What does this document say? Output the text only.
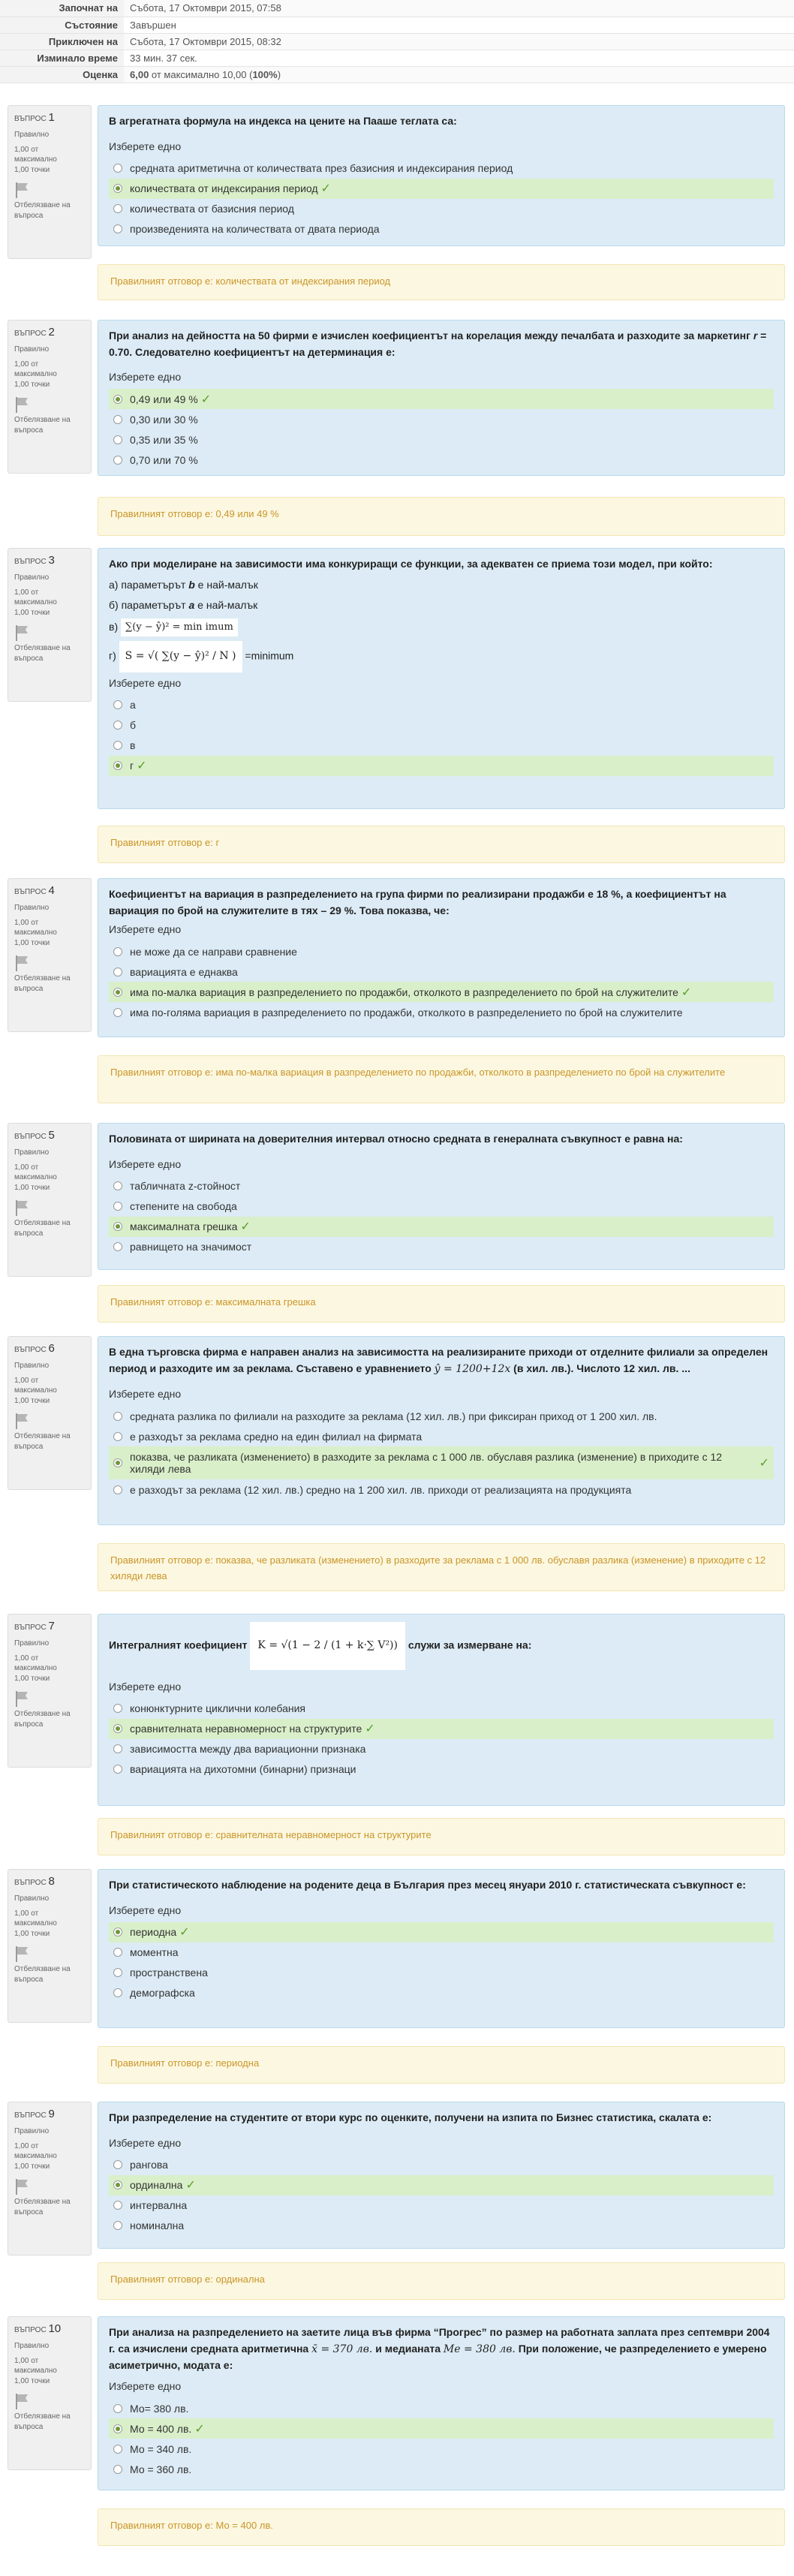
Започнат на	Събота, 17 Октомври 2015, 07:58
Състояние	Завършен
Приключен на	Събота, 17 Октомври 2015, 08:32
Изминало време	33 мин. 37 сек.
Оценка	6,00 от максимално 10,00 (100%)
ВЪПРОС 1
Правилно
1,00 от максимално 1,00 точки
Отбелязване на въпроса
В агрегатната формула на индекса на цените на Пааше теглата са:
Изберете едно
средната аритметична от количествата през базисния и индексирания период
количествата от индексирания период ✓
количествата от базисния период
произведенията на количествата от двата периода
Правилният отговор е: количествата от индексирания период
ВЪПРОС 2
Правилно
1,00 от максимално 1,00 точки
Отбелязване на въпроса
При анализ на дейността на 50 фирми е изчислен коефициентът на корелация между печалбата и разходите за маркетинг r = 0.70. Следователно коефициентът на детерминация е:
Изберете едно
0,49 или 49 % ✓
0,30 или 30 %
0,35 или 35 %
0,70 или 70 %
Правилният отговор е: 0,49 или 49 %
ВЪПРОС 3
Правилно
1,00 от максимално 1,00 точки
Отбелязване на въпроса

Ако при моделиране на зависимости има конкуриращи се функции, за адекватен се приема този модел, при който:

а) параметърът b е най-малък

б) параметърът a е най-малък

в) ∑(y − ŷ)² = min imum

г) S = √( ∑(y − ŷ)² / N ) =minimum

Изберете едно
а
б
в
г ✓
Правилният отговор е: г
ВЪПРОС 4
Правилно
1,00 от максимално 1,00 точки
Отбелязване на въпроса
Коефициентът на вариация в разпределението на група фирми по реализирани продажби е 18 %, а коефициентът на вариация по брой на служителите в тях – 29 %. Това показва, че:
Изберете едно
не може да се направи сравнение
вариацията е еднаква
има по-малка вариация в разпределението по продажби, отколкото в разпределението по брой на служителите ✓
има по-голяма вариация в разпределението по продажби, отколкото в разпределението по брой на служителите
Правилният отговор е: има по-малка вариация в разпределението по продажби, отколкото в разпределението по брой на служителите
ВЪПРОС 5
Правилно
1,00 от максимално 1,00 точки
Отбелязване на въпроса
Половината от ширината на доверителния интервал относно средната в генералната съвкупност е равна на:
Изберете едно
табличната z-стойност
степените на свобода
максималната грешка ✓
равнището на значимост
Правилният отговор е: максималната грешка
ВЪПРОС 6
Правилно
1,00 от максимално 1,00 точки
Отбелязване на въпроса
В една търговска фирма е направен анализ на зависимостта на реализираните приходи от отделните филиали за определен период и разходите им за реклама. Съставено е уравнението ŷ = 1200+12x (в хил. лв.). Числото 12 хил. лв. ...
Изберете едно
средната разлика по филиали на разходите за реклама (12 хил. лв.) при фиксиран приход от 1 200 хил. лв.
е разходът за реклама средно на един филиал на фирмата
показва, че разликата (изменението) в разходите за реклама с 1 000 лв. обуславя разлика (изменение) в приходите с 12 хиляди лева	✓
е разходът за реклама (12 хил. лв.) средно на 1 200 хил. лв. приходи от реализацията на продукцията
Правилният отговор е: показва, че разликата (изменението) в разходите за реклама с 1 000 лв. обуславя разлика (изменение) в приходите с 12 хиляди лева
ВЪПРОС 7
Правилно
1,00 от максимално 1,00 точки
Отбелязване на въпроса
Интегралният коефициент K = √(1 − 2 / (1 + k·∑ V²)) служи за измерване на:
Изберете едно
конюнктурните циклични колебания
сравнителната неравномерност на структурите ✓
зависимостта между два вариационни признака
вариацията на дихотомни (бинарни) признаци
Правилният отговор е: сравнителната неравномерност на структурите
ВЪПРОС 8
Правилно
1,00 от максимално 1,00 точки
Отбелязване на въпроса
При статистическото наблюдение на родените деца в България през месец януари 2010 г. статистическата съвкупност е:
Изберете едно
периодна ✓
моментна
пространствена
демографска
Правилният отговор е: периодна
ВЪПРОС 9
Правилно
1,00 от максимално 1,00 точки
Отбелязване на въпроса
При разпределение на студентите от втори курс по оценките, получени на изпита по Бизнес статистика, скалата е:
Изберете едно
рангова
ординална ✓
интервална
номинална
Правилният отговор е: ординална
ВЪПРОС 10
Правилно
1,00 от максимално 1,00 точки
Отбелязване на въпроса
При анализа на разпределението на заетите лица във фирма “Прогрес” по размер на работната заплата през септември 2004 г. са изчислени средната аритметична x̄ = 370 лв. и медианата Me = 380 лв. При положение, че разпределението е умерено асиметрично, модата е:
Изберете едно
Мо= 380 лв.
Мо = 400 лв. ✓
Мо = 340 лв.
Мо = 360 лв.
Правилният отговор е: Мо = 400 лв.
